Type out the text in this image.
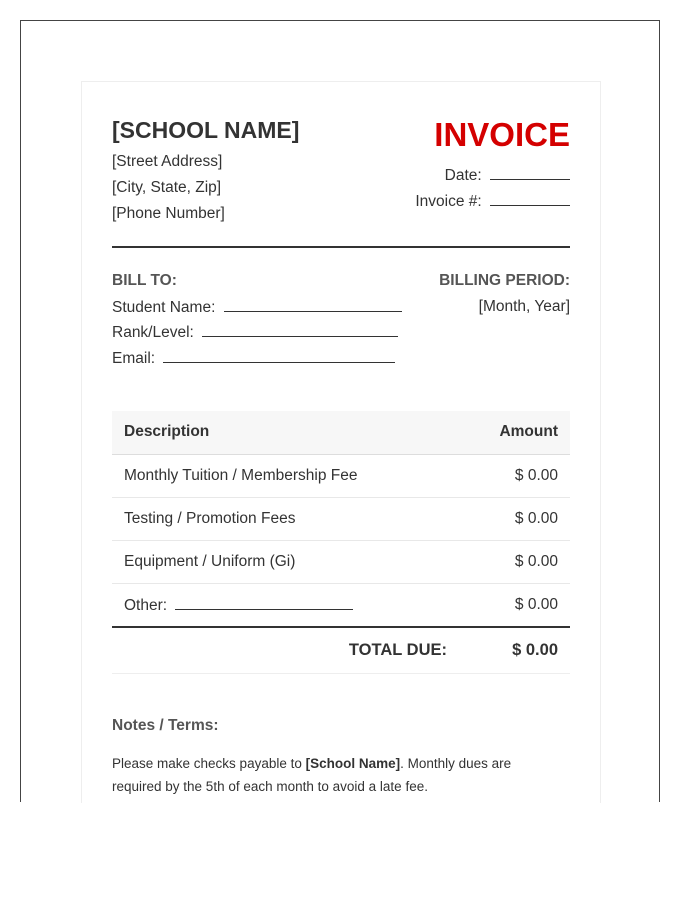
[SCHOOL NAME]
[Street Address]
[City, State, Zip]
[Phone Number]
INVOICE
Date:
Invoice #:
BILL TO:
Student Name:
Rank/Level:
Email:
BILLING PERIOD:
[Month, Year]
Description	Amount
Monthly Tuition / Membership Fee	$ 0.00
Testing / Promotion Fees	$ 0.00
Equipment / Uniform (Gi)	$ 0.00
Other:	$ 0.00
TOTAL DUE:	$ 0.00
Notes / Terms:
Please make checks payable to [School Name]. Monthly dues are required by the 5th of each month to avoid a late fee.
